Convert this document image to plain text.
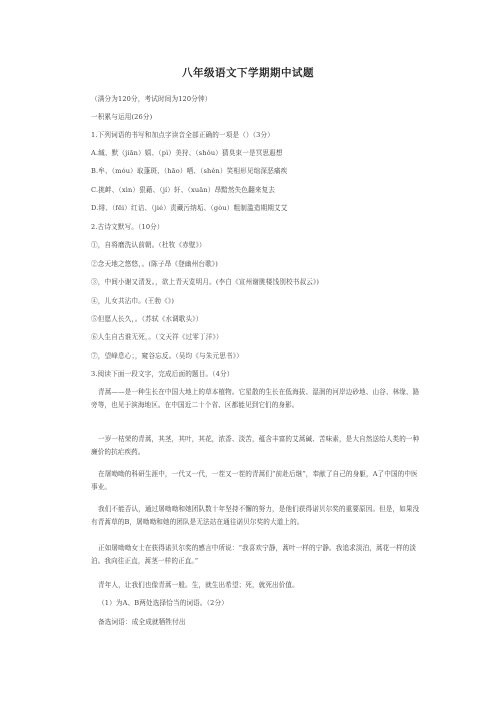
八年级语文下学期期中试题
（满分为120分，考试时间为120分钟）
一积累与运用(26分)
1.下列词语的书写和加点字读音全部正确的一项是（）（3分）
A.缄、默（jiān）嬉、（pì）美狩、（shǒu）猜臭束一是冥思遐想
B.牟、（móu）取蓬斑、（hāo）哂、（shěn）笑相形见绌深恶痛疾
C.挑衅、（xìn）狠藉、（jí）轩、（xuān）昂黯然失色翻来复去
D.绯、（fēi）红诘、（jié）责藏污纳垢、（gòu）粗制滥造期期艾艾
2.古诗文默写。（10分）
①，自将磨洗认前朝。（杜牧《赤壁》）
②念天地之悠悠，。(陈子昂《登幽州台歌》)
③，中间小谢又清发。，欲上青天览明月。(李白《宣州谢朓楼饯别校书叔云》)
④，儿女共沾巾。(王勃《》)
⑤但愿人长久，。（苏轼《水调歌头》）
⑥人生自古谁无死，。（文天祥《过零丁洋》）
⑦，望峰息心；，窥谷忘反。（吴均《与朱元思书》）
3.阅读下面一段文字，完成后面的题目。（4分）
青蒿——是一种生长在中国大地上的草本植物。它星散的生长在低海拔、湿润的河岸边砂地、山谷、林缘、路旁等，也见于滨海地区。在中国近二十个省、区都能见到它们的身影。
一岁一枯荣的青蒿，其茎，其叶，其花，浓香、淡苦，蕴含丰富的艾蒿碱、苦味素，是大自然送给人类的一种廉价的抗疟疾药。
在屠呦呦的科研生涯中，一代又一代，一茬又一茬的青蒿们“前赴后继”，奉献了自己的身躯，A了中国的中医事业。
我们不能否认，通过屠呦呦和她团队数十年坚持不懈的努力，是他们获得诺贝尔奖的重要原因。但是，如果没有青蒿草的B，屠呦呦和她的团队是无法站在通往诺贝尔奖的大道上的。
正如屠呦呦女士在获得诺贝尔奖的感言中所说：“我喜欢宁静，蒿叶一样的宁静。我追求淡泊，蒿花一样的淡泊。我向往正直，蒿茎一样的正直。”
青年人，让我们也像青蒿一般。生，就生出希望；死，就死出价值。
（1）为A、B两处选择恰当的词语。（2分）
备选词语：成全成就牺牲付出
